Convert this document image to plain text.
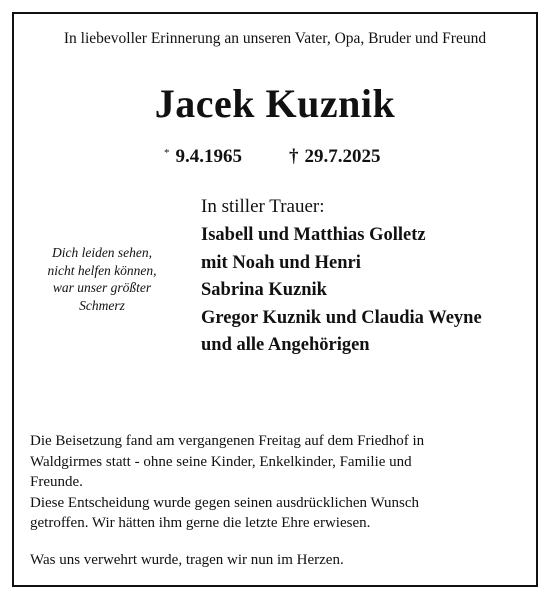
In liebevoller Erinnerung an unseren Vater, Opa, Bruder und Freund
Jacek Kuznik
* 9.4.1965 † 29.7.2025
Dich leiden sehen,
nicht helfen können,
war unser größter
Schmerz
In stiller Trauer:
Isabell und Matthias Golletz
mit Noah und Henri
Sabrina Kuznik
Gregor Kuznik und Claudia Weyne
und alle Angehörigen

Die Beisetzung fand am vergangenen Freitag auf dem Friedhof in

Waldgirmes statt - ohne seine Kinder, Enkelkinder, Familie und

Freunde.

Diese Entscheidung wurde gegen seinen ausdrücklichen Wunsch

getroffen. Wir hätten ihm gerne die letzte Ehre erwiesen.

Was uns verwehrt wurde, tragen wir nun im Herzen.
